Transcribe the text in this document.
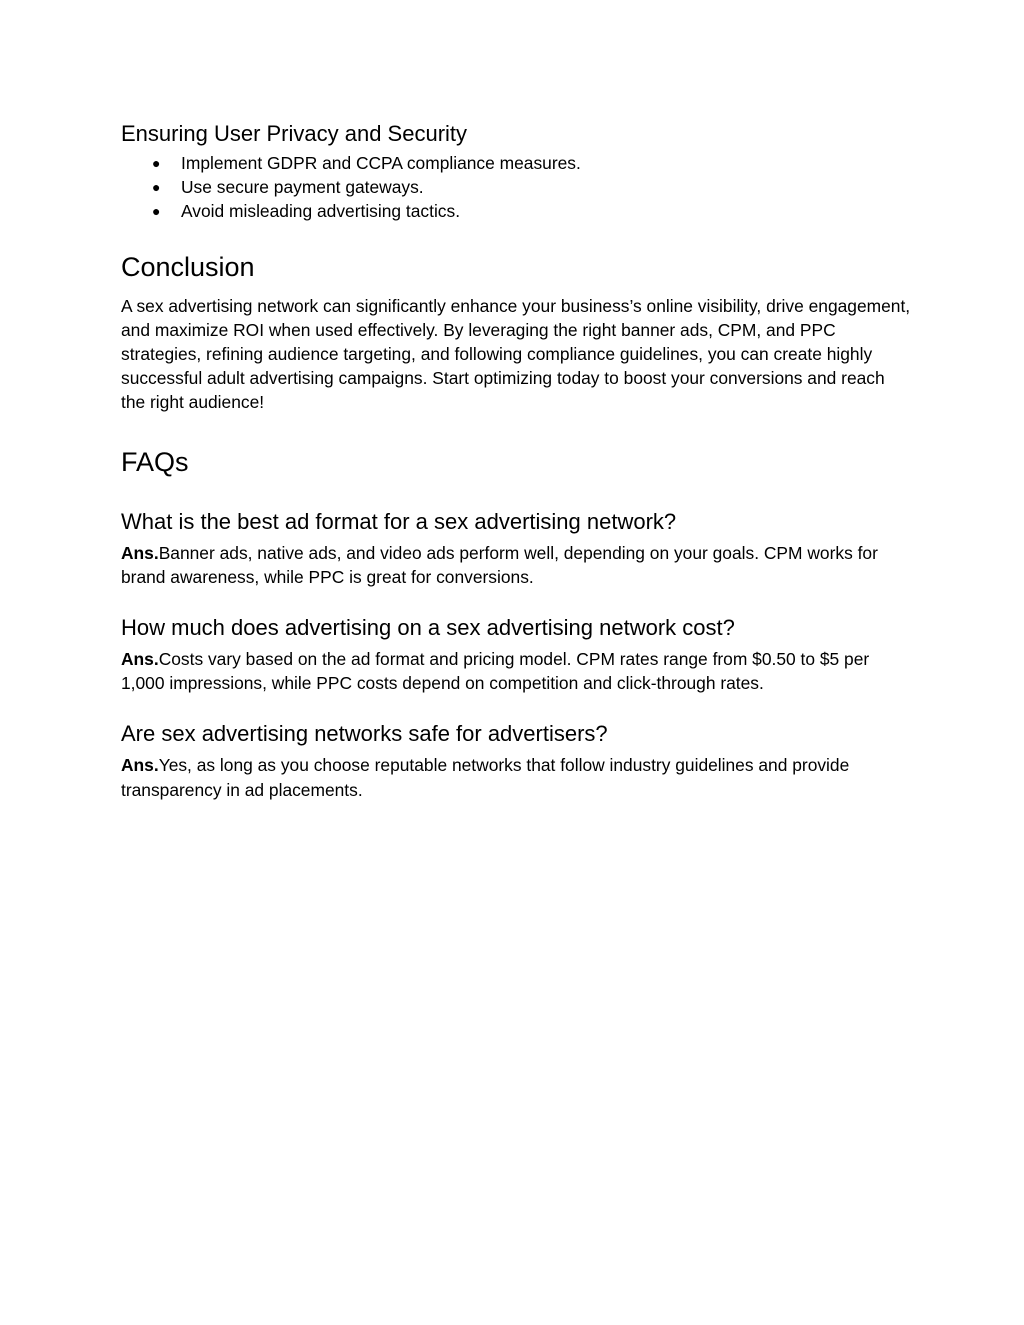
Ensuring User Privacy and Security
● Implement GDPR and CCPA compliance measures.
● Use secure payment gateways.
● Avoid misleading advertising tactics.
Conclusion

A sex advertising network can significantly enhance your business’s online visibility, drive engagement, and maximize ROI when used effectively. By leveraging the right banner ads, CPM, and PPC strategies, refining audience targeting, and following compliance guidelines, you can create highly successful adult advertising campaigns. Start optimizing today to boost your conversions and reach the right audience!

FAQs
What is the best ad format for a sex advertising network?

Ans.Banner ads, native ads, and video ads perform well, depending on your goals. CPM works for brand awareness, while PPC is great for conversions.

How much does advertising on a sex advertising network cost?

Ans.Costs vary based on the ad format and pricing model. CPM rates range from $0.50 to $5 per 1,000 impressions, while PPC costs depend on competition and click-through rates.

Are sex advertising networks safe for advertisers?

Ans.Yes, as long as you choose reputable networks that follow industry guidelines and provide transparency in ad placements.
